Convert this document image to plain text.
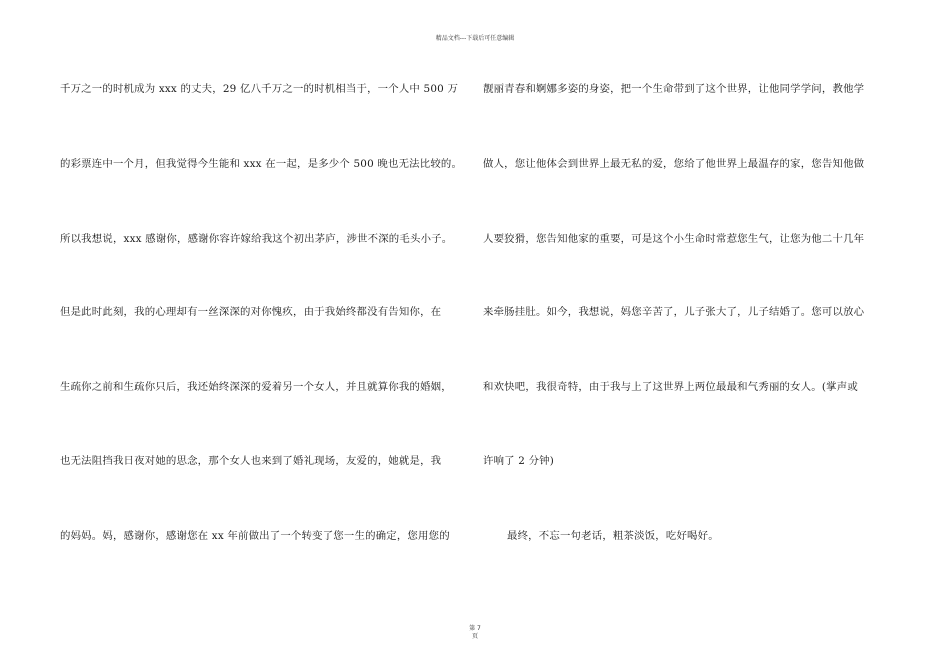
精品文档---下载后可任意编辑
千万之一的时机成为 xxx 的丈夫，29 亿八千万之一的时机相当于，一个人中 500 万
的彩票连中一个月，但我觉得今生能和 xxx 在一起，是多少个 500 晚也无法比较的。
所以我想说，xxx 感谢你，感谢你容许嫁给我这个初出茅庐，涉世不深的毛头小子。
但是此时此刻，我的心理却有一丝深深的对你愧疚，由于我始终都没有告知你，在
生疏你之前和生疏你只后，我还始终深深的爱着另一个女人，并且就算你我的婚姻，
也无法阻挡我日夜对她的思念，那个女人也来到了婚礼现场，友爱的，她就是，我
的妈妈。妈，感谢你，感谢您在 xx 年前做出了一个转变了您一生的确定，您用您的
靓丽青春和婀娜多姿的身姿，把一个生命带到了这个世界，让他同学学问，教他学
做人，您让他体会到世界上最无私的爱，您给了他世界上最温存的家，您告知他做
人要狡猾，您告知他家的重要，可是这个小生命时常惹您生气，让您为他二十几年
来牵肠挂肚。如今，我想说，妈您辛苦了，儿子张大了，儿子结婚了。您可以放心
和欢快吧，我很奇特，由于我与上了这世界上两位最最和气秀丽的女人。(掌声或
许响了 2 分钟)
最终，不忘一句老话，粗茶淡饭，吃好喝好。
第 7
页
